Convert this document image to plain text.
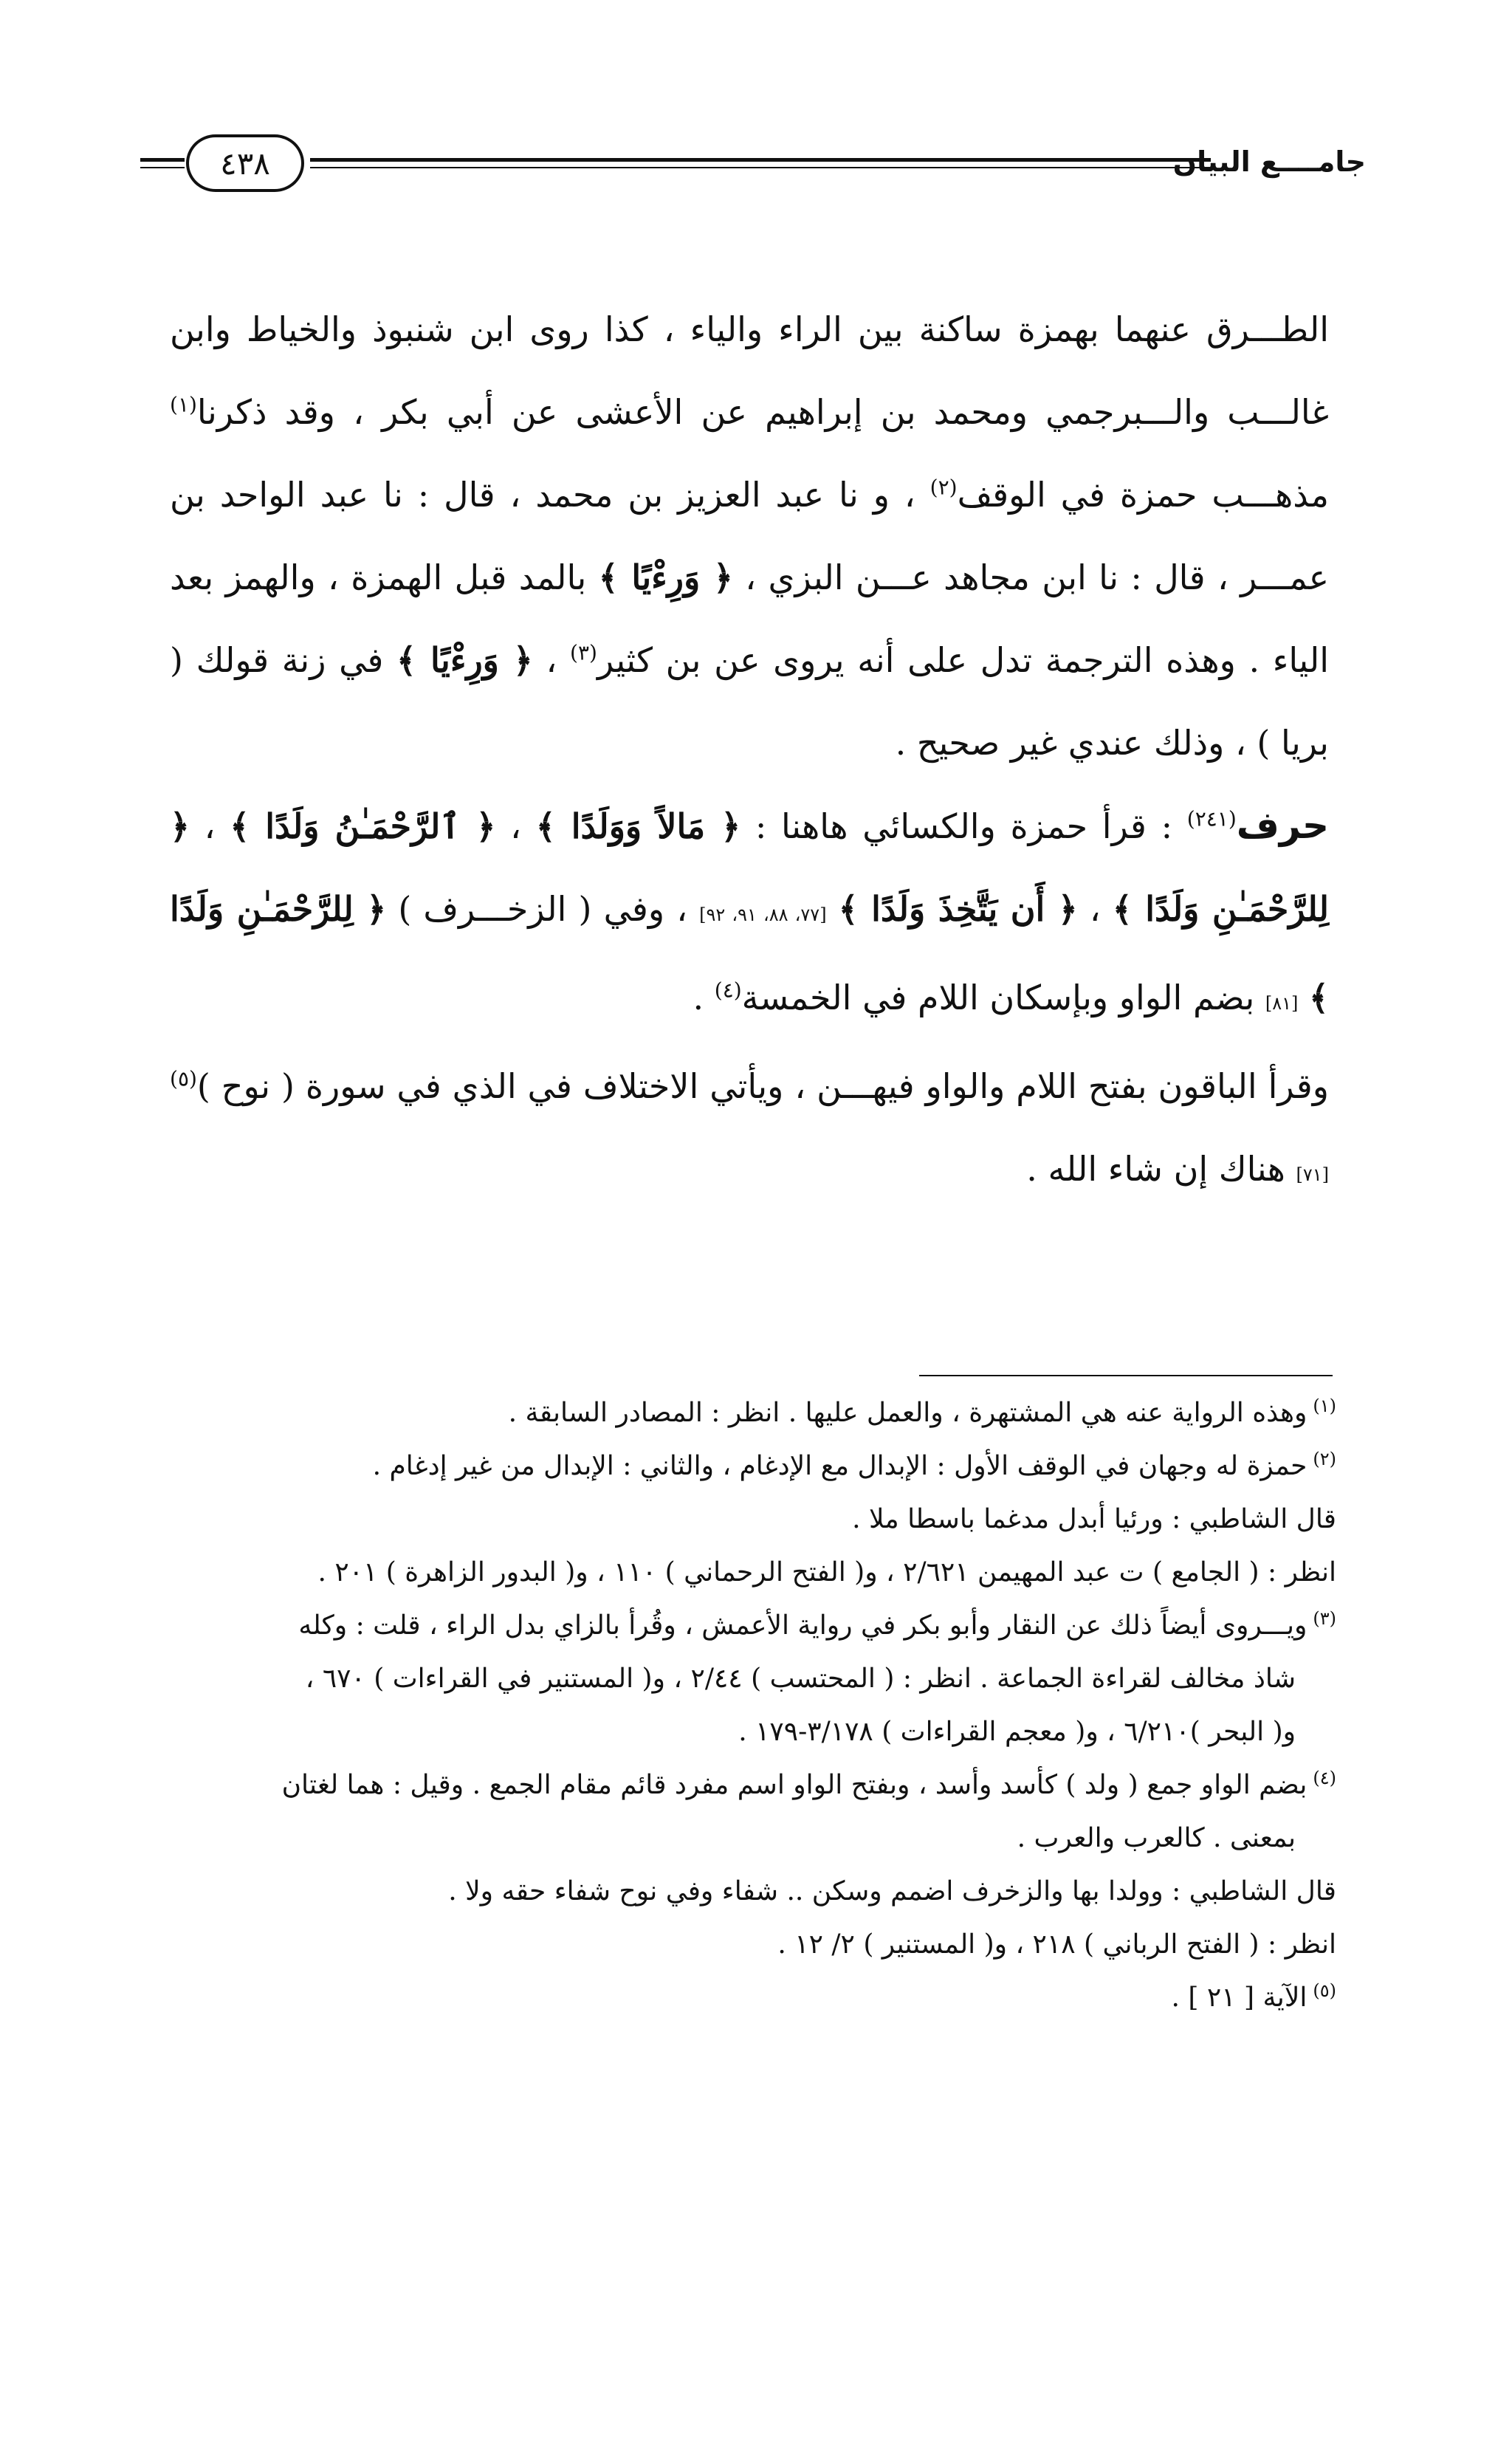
جامــــع البيان
٤٣٨

الطـــرق عنهما بهمزة ساكنة بين الراء والياء ، كذا روى ابن شنبوذ والخياط وابن غالـــب والـــبرجمي ومحمد بن إبراهيم عن الأعشى عن أبي بكر ، وقد ذكرنا$^{(١)}$ مذهـــب حمزة في الوقف$^{(٢)}$ ، و نا عبد العزيز بن محمد ، قال : نا عبد الواحد بن عمـــر ، قال : نا ابن مجاهد عـــن البزي ، ﴿ وَرِءْيًا ﴾ بالمد قبل الهمزة ، والهمز بعد الياء . وهذه الترجمة تدل على أنه يروى عن بن كثير$^{(٣)}$ ، ﴿ وَرِءْيًا ﴾ في زنة قولك ( بريا ) ، وذلك عندي غير صحيح .

حرف$^{(٢٤١)}$ : قرأ حمزة والكسائي هاهنا : ﴿ مَالاً وَوَلَدًا ﴾ ، ﴿ ٱلرَّحْمَـٰنُ وَلَدًا ﴾ ، ﴿ لِلرَّحْمَـٰنِ وَلَدًا ﴾ ، ﴿ أَن يَتَّخِذَ وَلَدًا ﴾ [٧٧، ٨٨، ٩١، ٩٢] ، وفي ( الزخـــرف ) ﴿ لِلرَّحْمَـٰنِ وَلَدًا ﴾ [٨١] بضم الواو وبإسكان اللام في الخمسة$^{(٤)}$ .

وقرأ الباقون بفتح اللام والواو فيهـــن ، ويأتي الاختلاف في الذي في سورة ( نوح )$^{(٥)}$ [٧١] هناك إن شاء الله .

$^{(١)}$وهذه الرواية عنه هي المشتهرة ، والعمل عليها . انظر : المصادر السابقة .

$^{(٢)}$حمزة له وجهان في الوقف الأول : الإبدال مع الإدغام ، والثاني : الإبدال من غير إدغام .

قال الشاطبي : ورئيا أبدل مدغما باسطا ملا .

انظر : ( الجامع ) ت عبد المهيمن ٢/٦٢١ ، و( الفتح الرحماني ) ١١٠ ، و( البدور الزاهرة ) ٢٠١ .

$^{(٣)}$ويـــروى أيضاً ذلك عن النقار وأبو بكر في رواية الأعمش ، وقُرأ بالزاي بدل الراء ، قلت : وكله

شاذ مخالف لقراءة الجماعة . انظر : ( المحتسب ) ٢/٤٤ ، و( المستنير في القراءات ) ٦٧٠ ،

و( البحر )٦/٢١٠ ، و( معجم القراءات ) ٣/١٧٨-١٧٩ .

$^{(٤)}$بضم الواو جمع ( ولد ) كأسد وأسد ، وبفتح الواو اسم مفرد قائم مقام الجمع . وقيل : هما لغتان

بمعنى . كالعرب والعرب .

قال الشاطبي : وولدا بها والزخرف اضمم وسكن .. شفاء وفي نوح شفاء حقه ولا .

انظر : ( الفتح الرباني ) ٢١٨ ، و( المستنير ) ٢/ ١٢ .

$^{(٥)}$الآية [ ٢١ ] .
